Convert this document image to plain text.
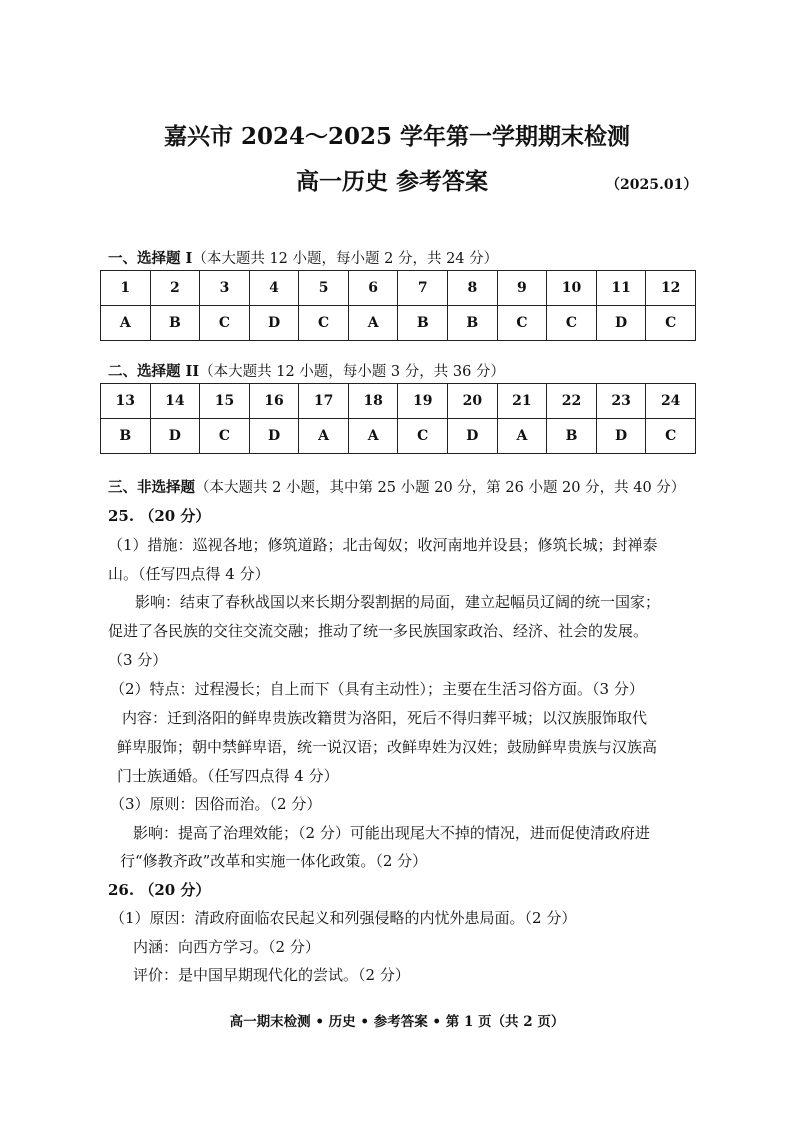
嘉兴市 2024～2025 学年第一学期期末检测
高一历史 参考答案	（2025.01）
一、选择题 I（本大题共 12 小题，每小题 2 分，共 24 分）
1	2	3	4	5	6	7	8	9	10	11	12
A	B	C	D	C	A	B	B	C	C	D	C
二、选择题 II（本大题共 12 小题，每小题 3 分，共 36 分）
13	14	15	16	17	18	19	20	21	22	23	24
B	D	C	D	A	A	C	D	A	B	D	C
三、非选择题（本大题共 2 小题，其中第 25 小题 20 分，第 26 小题 20 分，共 40 分）
25. （20 分）
（1）措施：巡视各地；修筑道路；北击匈奴；收河南地并设县；修筑长城；封禅泰
山。（任写四点得 4 分）
影响：结束了春秋战国以来长期分裂割据的局面，建立起幅员辽阔的统一国家；
促进了各民族的交往交流交融；推动了统一多民族国家政治、经济、社会的发展。
（3 分）
（2）特点：过程漫长；自上而下（具有主动性）；主要在生活习俗方面。（3 分）
内容：迁到洛阳的鲜卑贵族改籍贯为洛阳，死后不得归葬平城；以汉族服饰取代
鲜卑服饰；朝中禁鲜卑语，统一说汉语；改鲜卑姓为汉姓；鼓励鲜卑贵族与汉族高
门士族通婚。（任写四点得 4 分）
（3）原则：因俗而治。（2 分）
影响：提高了治理效能；（2 分）可能出现尾大不掉的情况，进而促使清政府进
行“修教齐政”改革和实施一体化政策。（2 分）
26. （20 分）
（1）原因：清政府面临农民起义和列强侵略的内忧外患局面。（2 分）
内涵：向西方学习。（2 分）
评价：是中国早期现代化的尝试。（2 分）
高一期末检测 • 历史 • 参考答案 • 第 1 页（共 2 页）
